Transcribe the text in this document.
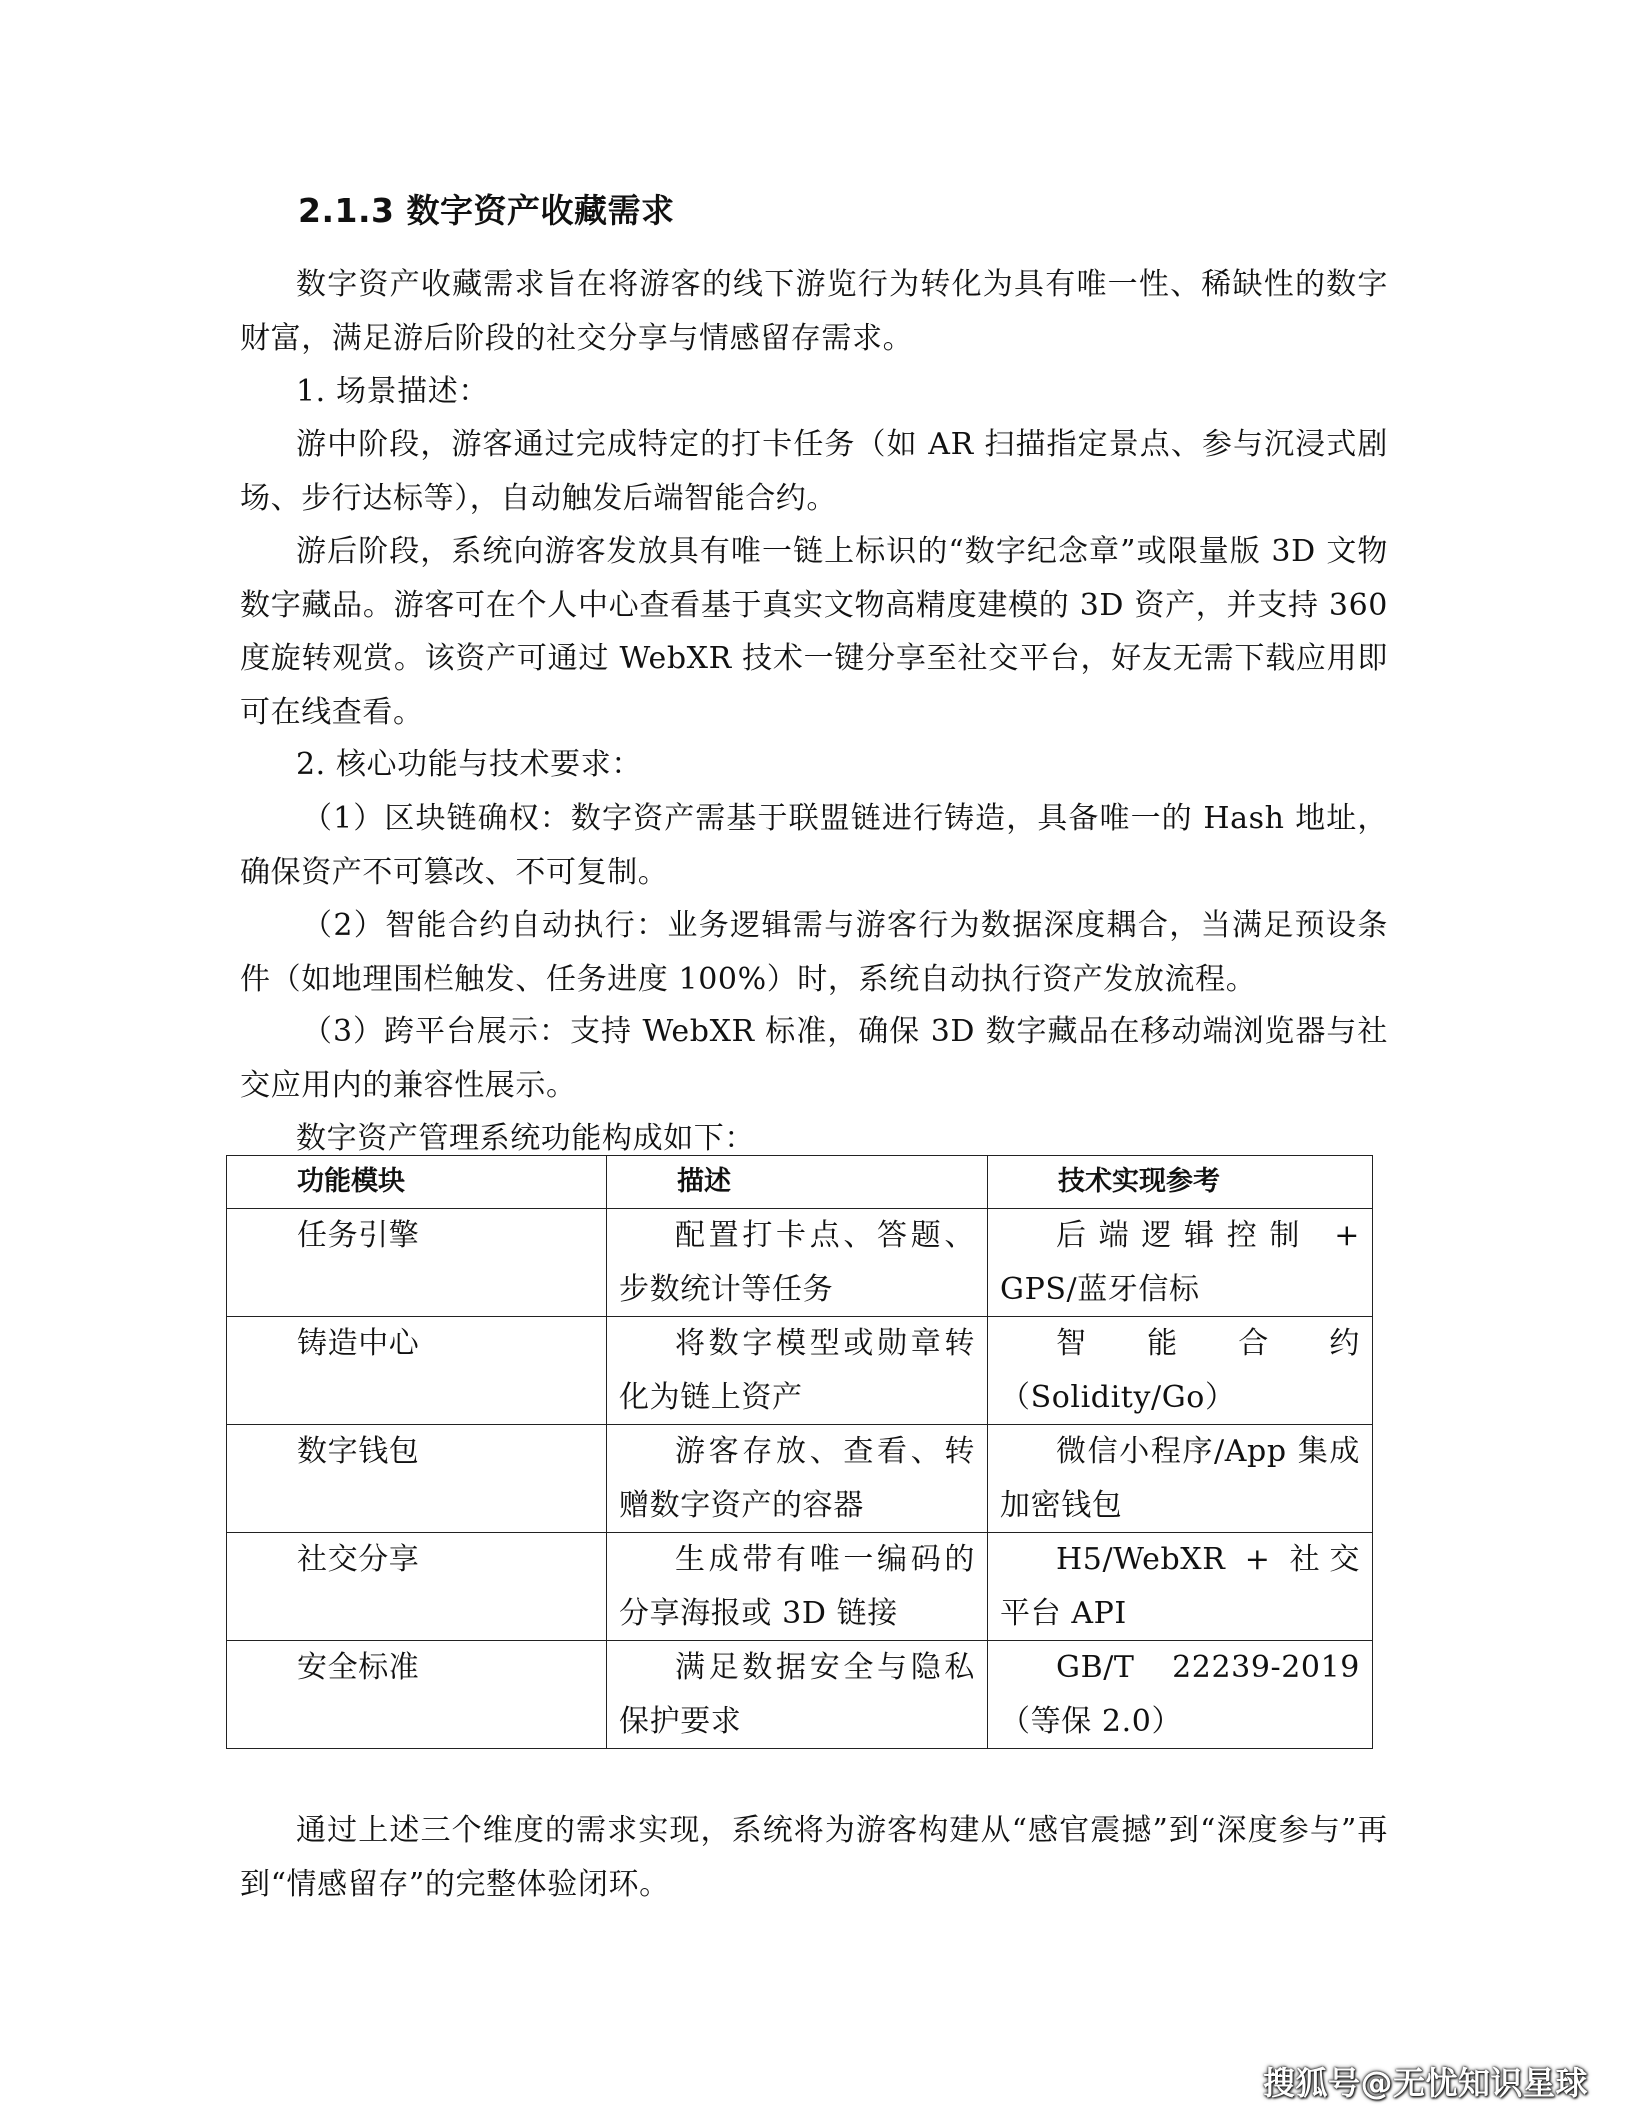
2.1.3 数字资产收藏需求

数字资产收藏需求旨在将游客的线下游览行为转化为具有唯一性、稀缺性的数字财富，满足游后阶段的社交分享与情感留存需求。

1. 场景描述：

游中阶段，游客通过完成特定的打卡任务（如 AR 扫描指定景点、参与沉浸式剧场、步行达标等），自动触发后端智能合约。

游后阶段，系统向游客发放具有唯一链上标识的“数字纪念章”或限量版 3D 文物数字藏品。游客可在个人中心查看基于真实文物高精度建模的 3D 资产，并支持 360 度旋转观赏。该资产可通过 WebXR 技术一键分享至社交平台，好友无需下载应用即可在线查看。

2. 核心功能与技术要求：

（1）区块链确权：数字资产需基于联盟链进行铸造，具备唯一的 Hash 地址，确保资产不可篡改、不可复制。

（2）智能合约自动执行：业务逻辑需与游客行为数据深度耦合，当满足预设条件（如地理围栏触发、任务进度 100%）时，系统自动执行资产发放流程。

（3）跨平台展示：支持 WebXR 标准，确保 3D 数字藏品在移动端浏览器与社交应用内的兼容性展示。

数字资产管理系统功能构成如下：

功能模块	描述	技术实现参考

任务引擎	配置打卡点、答题、步数统计等任务	后端逻辑控制 + GPS/蓝牙信标

铸造中心	将数字模型或勋章转化为链上资产	智能合约（Solidity/Go）

数字钱包	游客存放、查看、转赠数字资产的容器	微信小程序/App 集成加密钱包

社交分享	生成带有唯一编码的分享海报或 3D 链接	H5/WebXR + 社交平台 API

安全标准	满足数据安全与隐私保护要求	GB/T 22239-2019（等保 2.0）

通过上述三个维度的需求实现，系统将为游客构建从“感官震撼”到“深度参与”再到“情感留存”的完整体验闭环。

搜狐号@无忧知识星球
